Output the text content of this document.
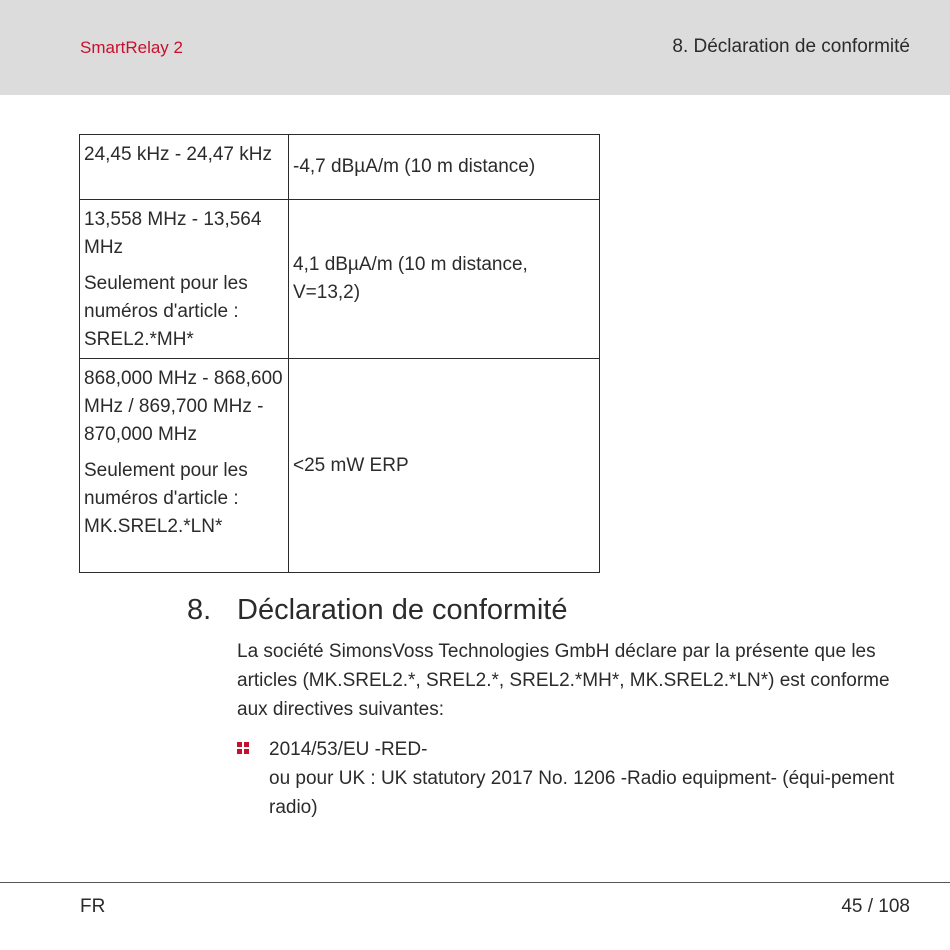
SmartRelay 2	8. Déclaration de conformité
24,45 kHz - 24,47 kHz	-4,7 dBµA/m (10 m distance)
13,558 MHz - 13,564 MHz
Seulement pour les numéros d'article : SREL2.*MH*	4,1 dBµA/m (10 m distance, V=13,2)
868,000 MHz - 868,600 MHz / 869,700 MHz - 870,000 MHz
Seulement pour les numéros d'article : MK.SREL2.*LN*	<25 mW ERP
8. Déclaration de conformité
La société SimonsVoss Technologies GmbH déclare par la présente que les articles (MK.SREL2.*, SREL2.*, SREL2.*MH*, MK.SREL2.*LN*) est conforme aux directives suivantes:
2014/53/EU -RED-
ou pour UK : UK statutory 2017 No. 1206 -Radio equipment- (équi-pement radio)
FR	45 / 108
